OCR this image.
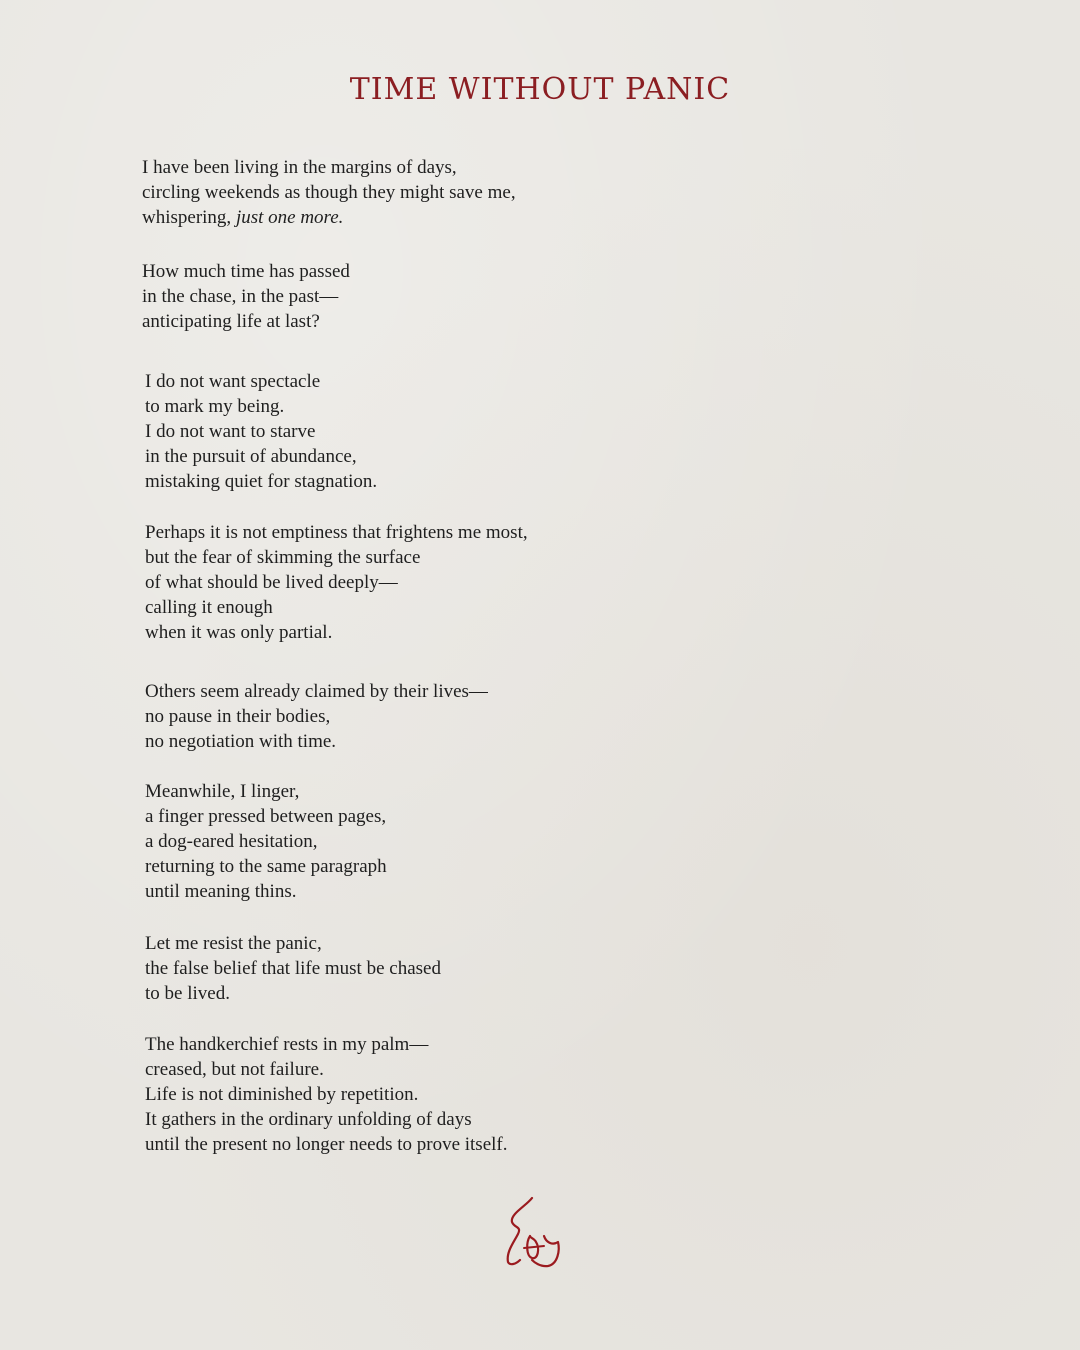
TIME WITHOUT PANIC
I have been living in the margins of days,
circling weekends as though they might save me,
whispering, just one more.
How much time has passed
in the chase, in the past—
anticipating life at last?
I do not want spectacle
to mark my being.
I do not want to starve
in the pursuit of abundance,
mistaking quiet for stagnation.
Perhaps it is not emptiness that frightens me most,
but the fear of skimming the surface
of what should be lived deeply—
calling it enough
when it was only partial.
Others seem already claimed by their lives—
no pause in their bodies,
no negotiation with time.
Meanwhile, I linger,
a finger pressed between pages,
a dog-eared hesitation,
returning to the same paragraph
until meaning thins.
Let me resist the panic,
the false belief that life must be chased
to be lived.
The handkerchief rests in my palm—
creased, but not failure.
Life is not diminished by repetition.
It gathers in the ordinary unfolding of days
until the present no longer needs to prove itself.
